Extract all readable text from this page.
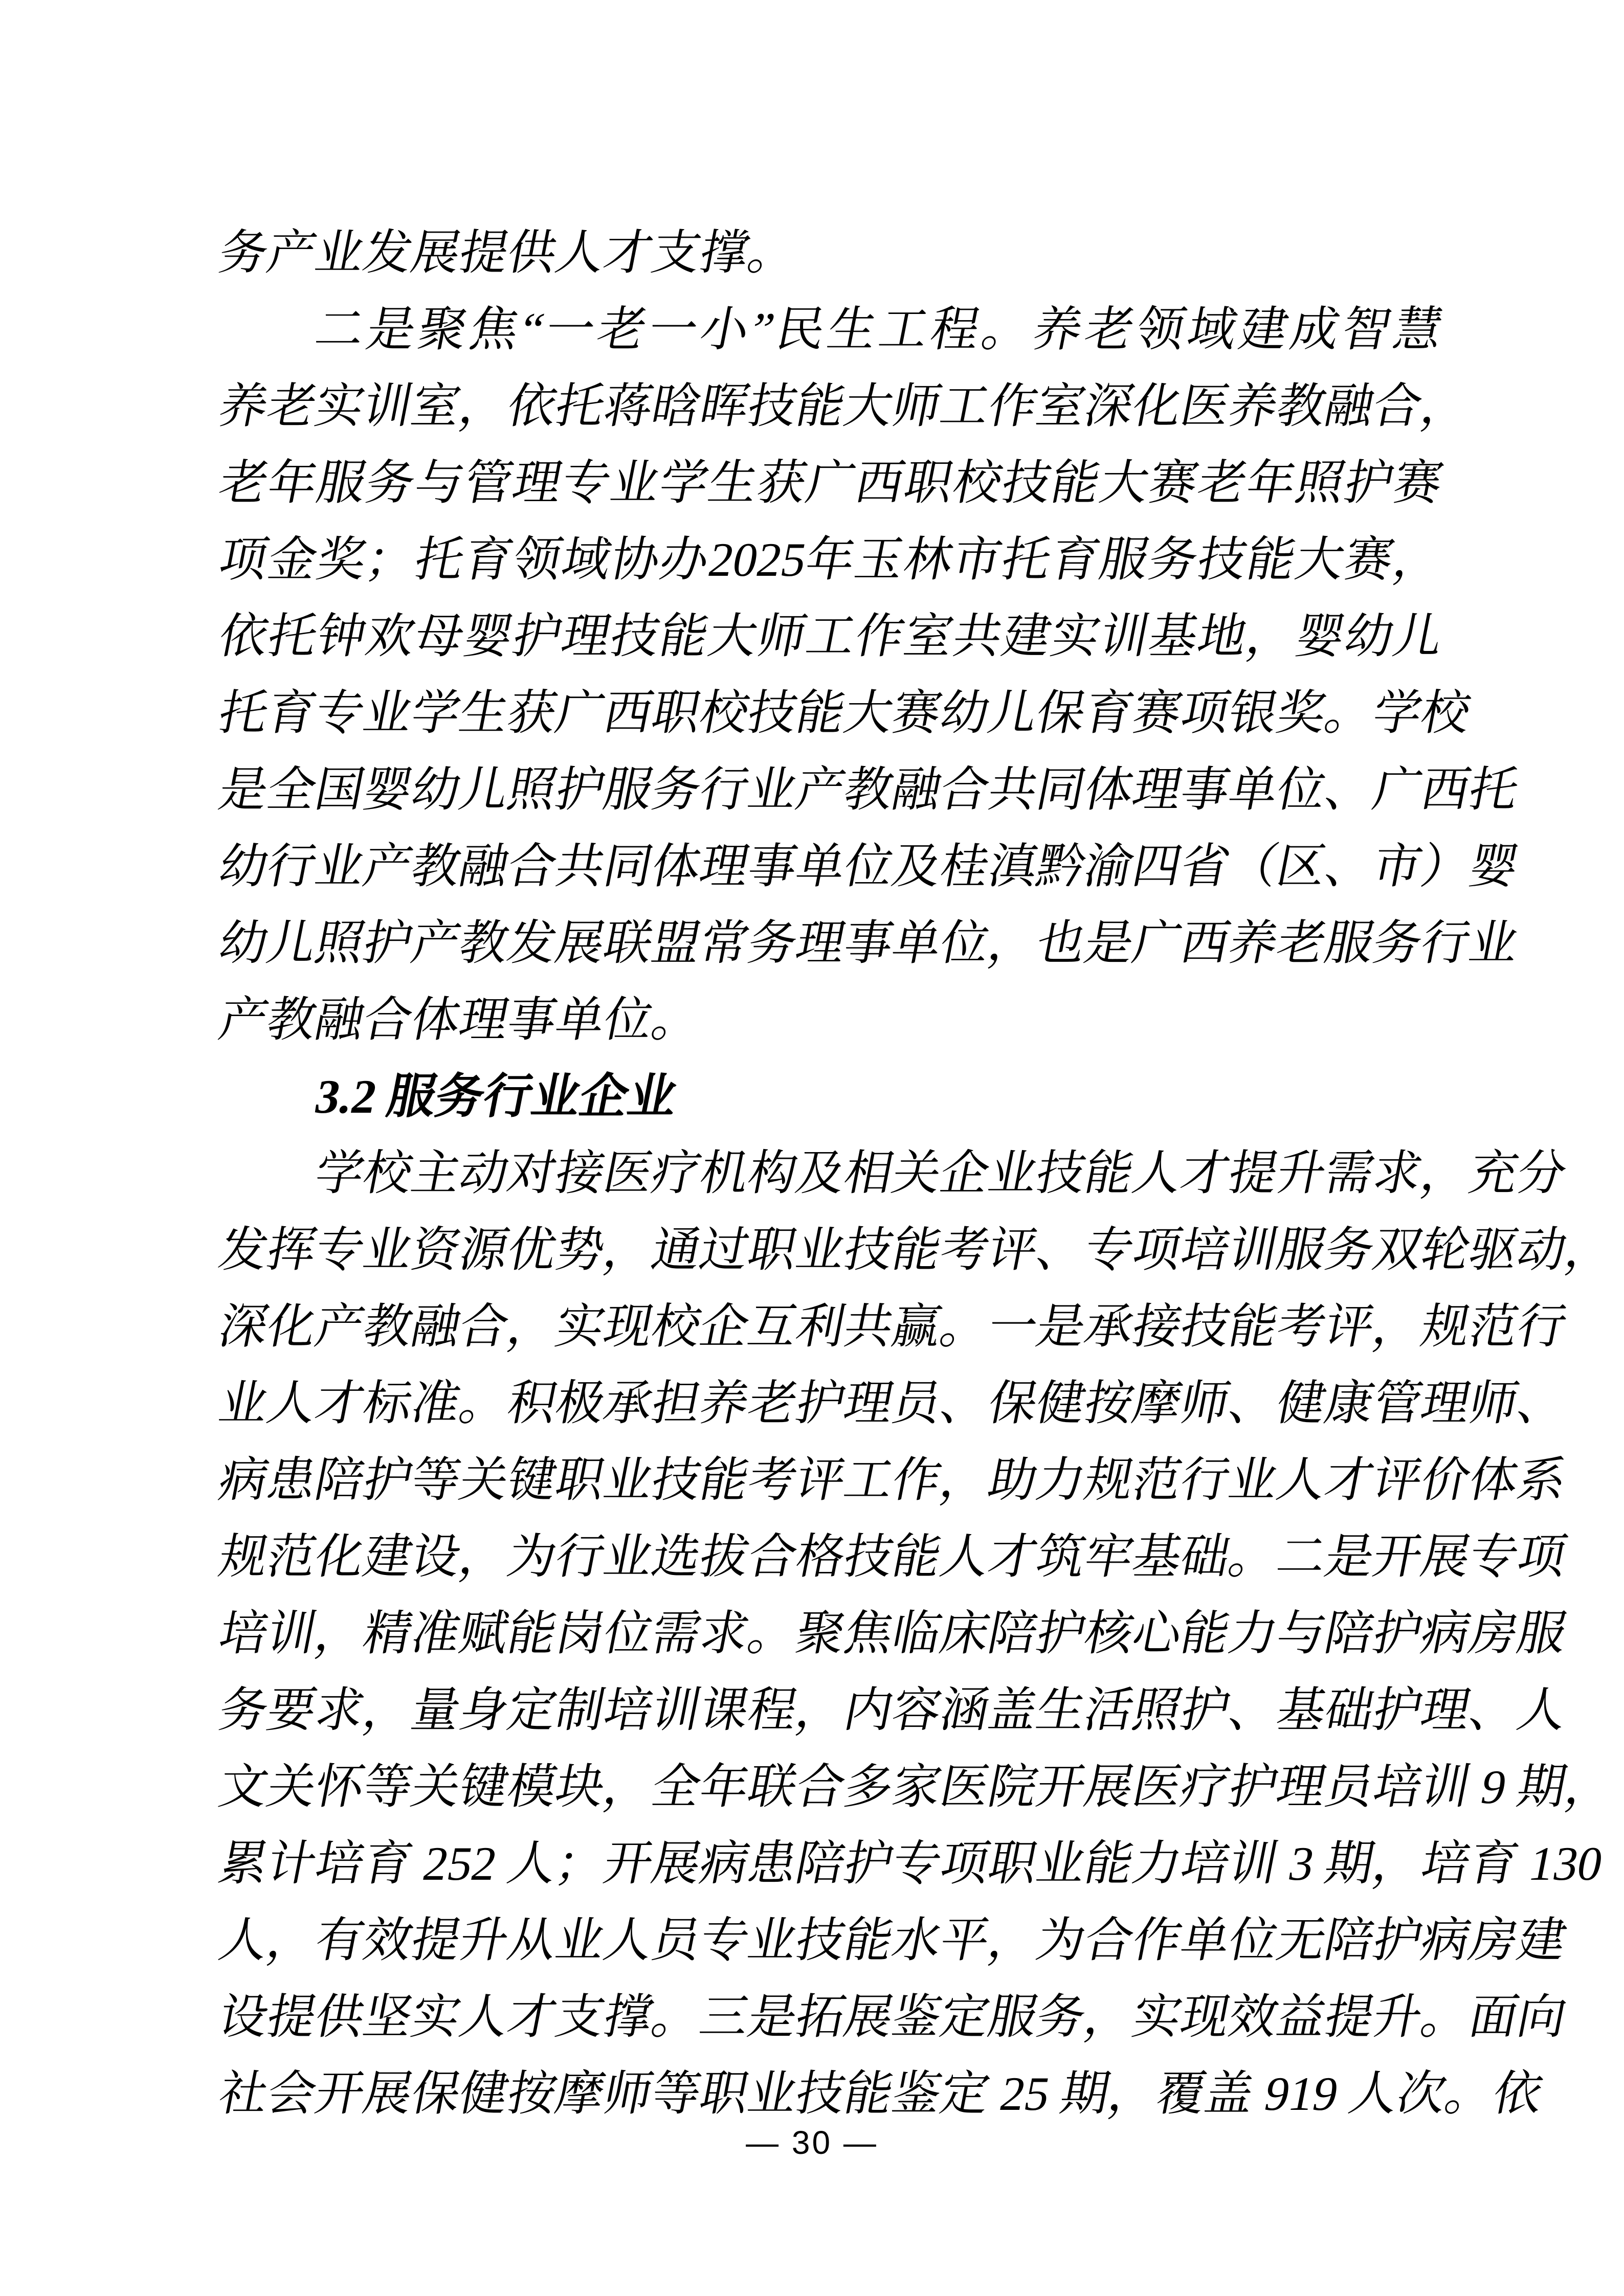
务产业发展提供人才支撑。
二是聚焦“一老一小”民生工程。养老领域建成智慧
养老实训室，依托蒋晗晖技能大师工作室深化医养教融合，
老年服务与管理专业学生获广西职校技能大赛老年照护赛
项金奖；托育领域协办2025年玉林市托育服务技能大赛，
依托钟欢母婴护理技能大师工作室共建实训基地，婴幼儿
托育专业学生获广西职校技能大赛幼儿保育赛项银奖。学校
是全国婴幼儿照护服务行业产教融合共同体理事单位、广西托
幼行业产教融合共同体理事单位及桂滇黔渝四省（区、市）婴
幼儿照护产教发展联盟常务理事单位，也是广西养老服务行业
产教融合体理事单位。
3.2 服务行业企业
学校主动对接医疗机构及相关企业技能人才提升需求，充分
发挥专业资源优势，通过职业技能考评、专项培训服务双轮驱动，
深化产教融合，实现校企互利共赢。一是承接技能考评，规范行
业人才标准。积极承担养老护理员、保健按摩师、健康管理师、
病患陪护等关键职业技能考评工作，助力规范行业人才评价体系
规范化建设，为行业选拔合格技能人才筑牢基础。二是开展专项
培训，精准赋能岗位需求。聚焦临床陪护核心能力与陪护病房服
务要求，量身定制培训课程，内容涵盖生活照护、基础护理、人
文关怀等关键模块，全年联合多家医院开展医疗护理员培训 9 期，
累计培育 252 人；开展病患陪护专项职业能力培训 3 期，培育 130
人，有效提升从业人员专业技能水平，为合作单位无陪护病房建
设提供坚实人才支撑。三是拓展鉴定服务，实现效益提升。面向
社会开展保健按摩师等职业技能鉴定 25 期，覆盖 919 人次。依
— 30 —
